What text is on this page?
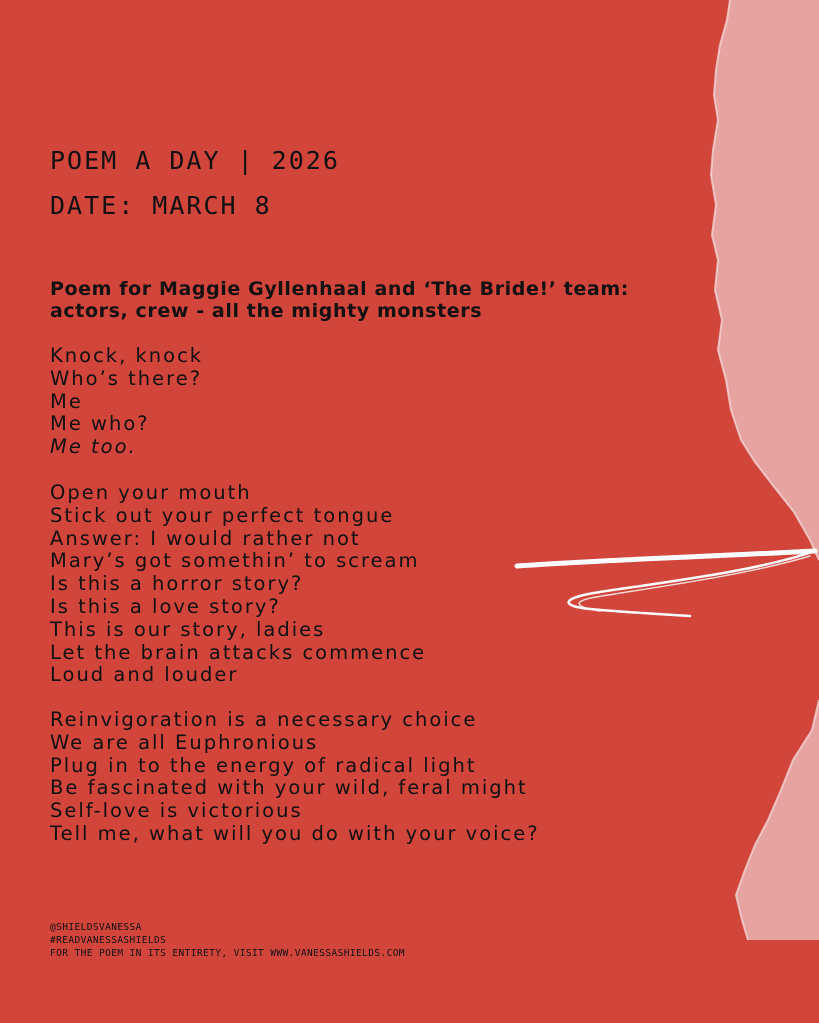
POEM A DAY | 2026
DATE: MARCH 8
Poem for Maggie Gyllenhaal and ‘The Bride!’ team:
actors, crew - all the mighty monsters
Knock, knock
Who’s there?
Me
Me who?
Me too.
Open your mouth
Stick out your perfect tongue
Answer: I would rather not
Mary’s got somethin’ to scream
Is this a horror story?
Is this a love story?
This is our story, ladies
Let the brain attacks commence
Loud and louder
Reinvigoration is a necessary choice
We are all Euphronious
Plug in to the energy of radical light
Be fascinated with your wild, feral might
Self-love is victorious
Tell me, what will you do with your voice?
@SHIELDSVANESSA
#READVANESSASHIELDS
FOR THE POEM IN ITS ENTIRETY, VISIT WWW.VANESSASHIELDS.COM
